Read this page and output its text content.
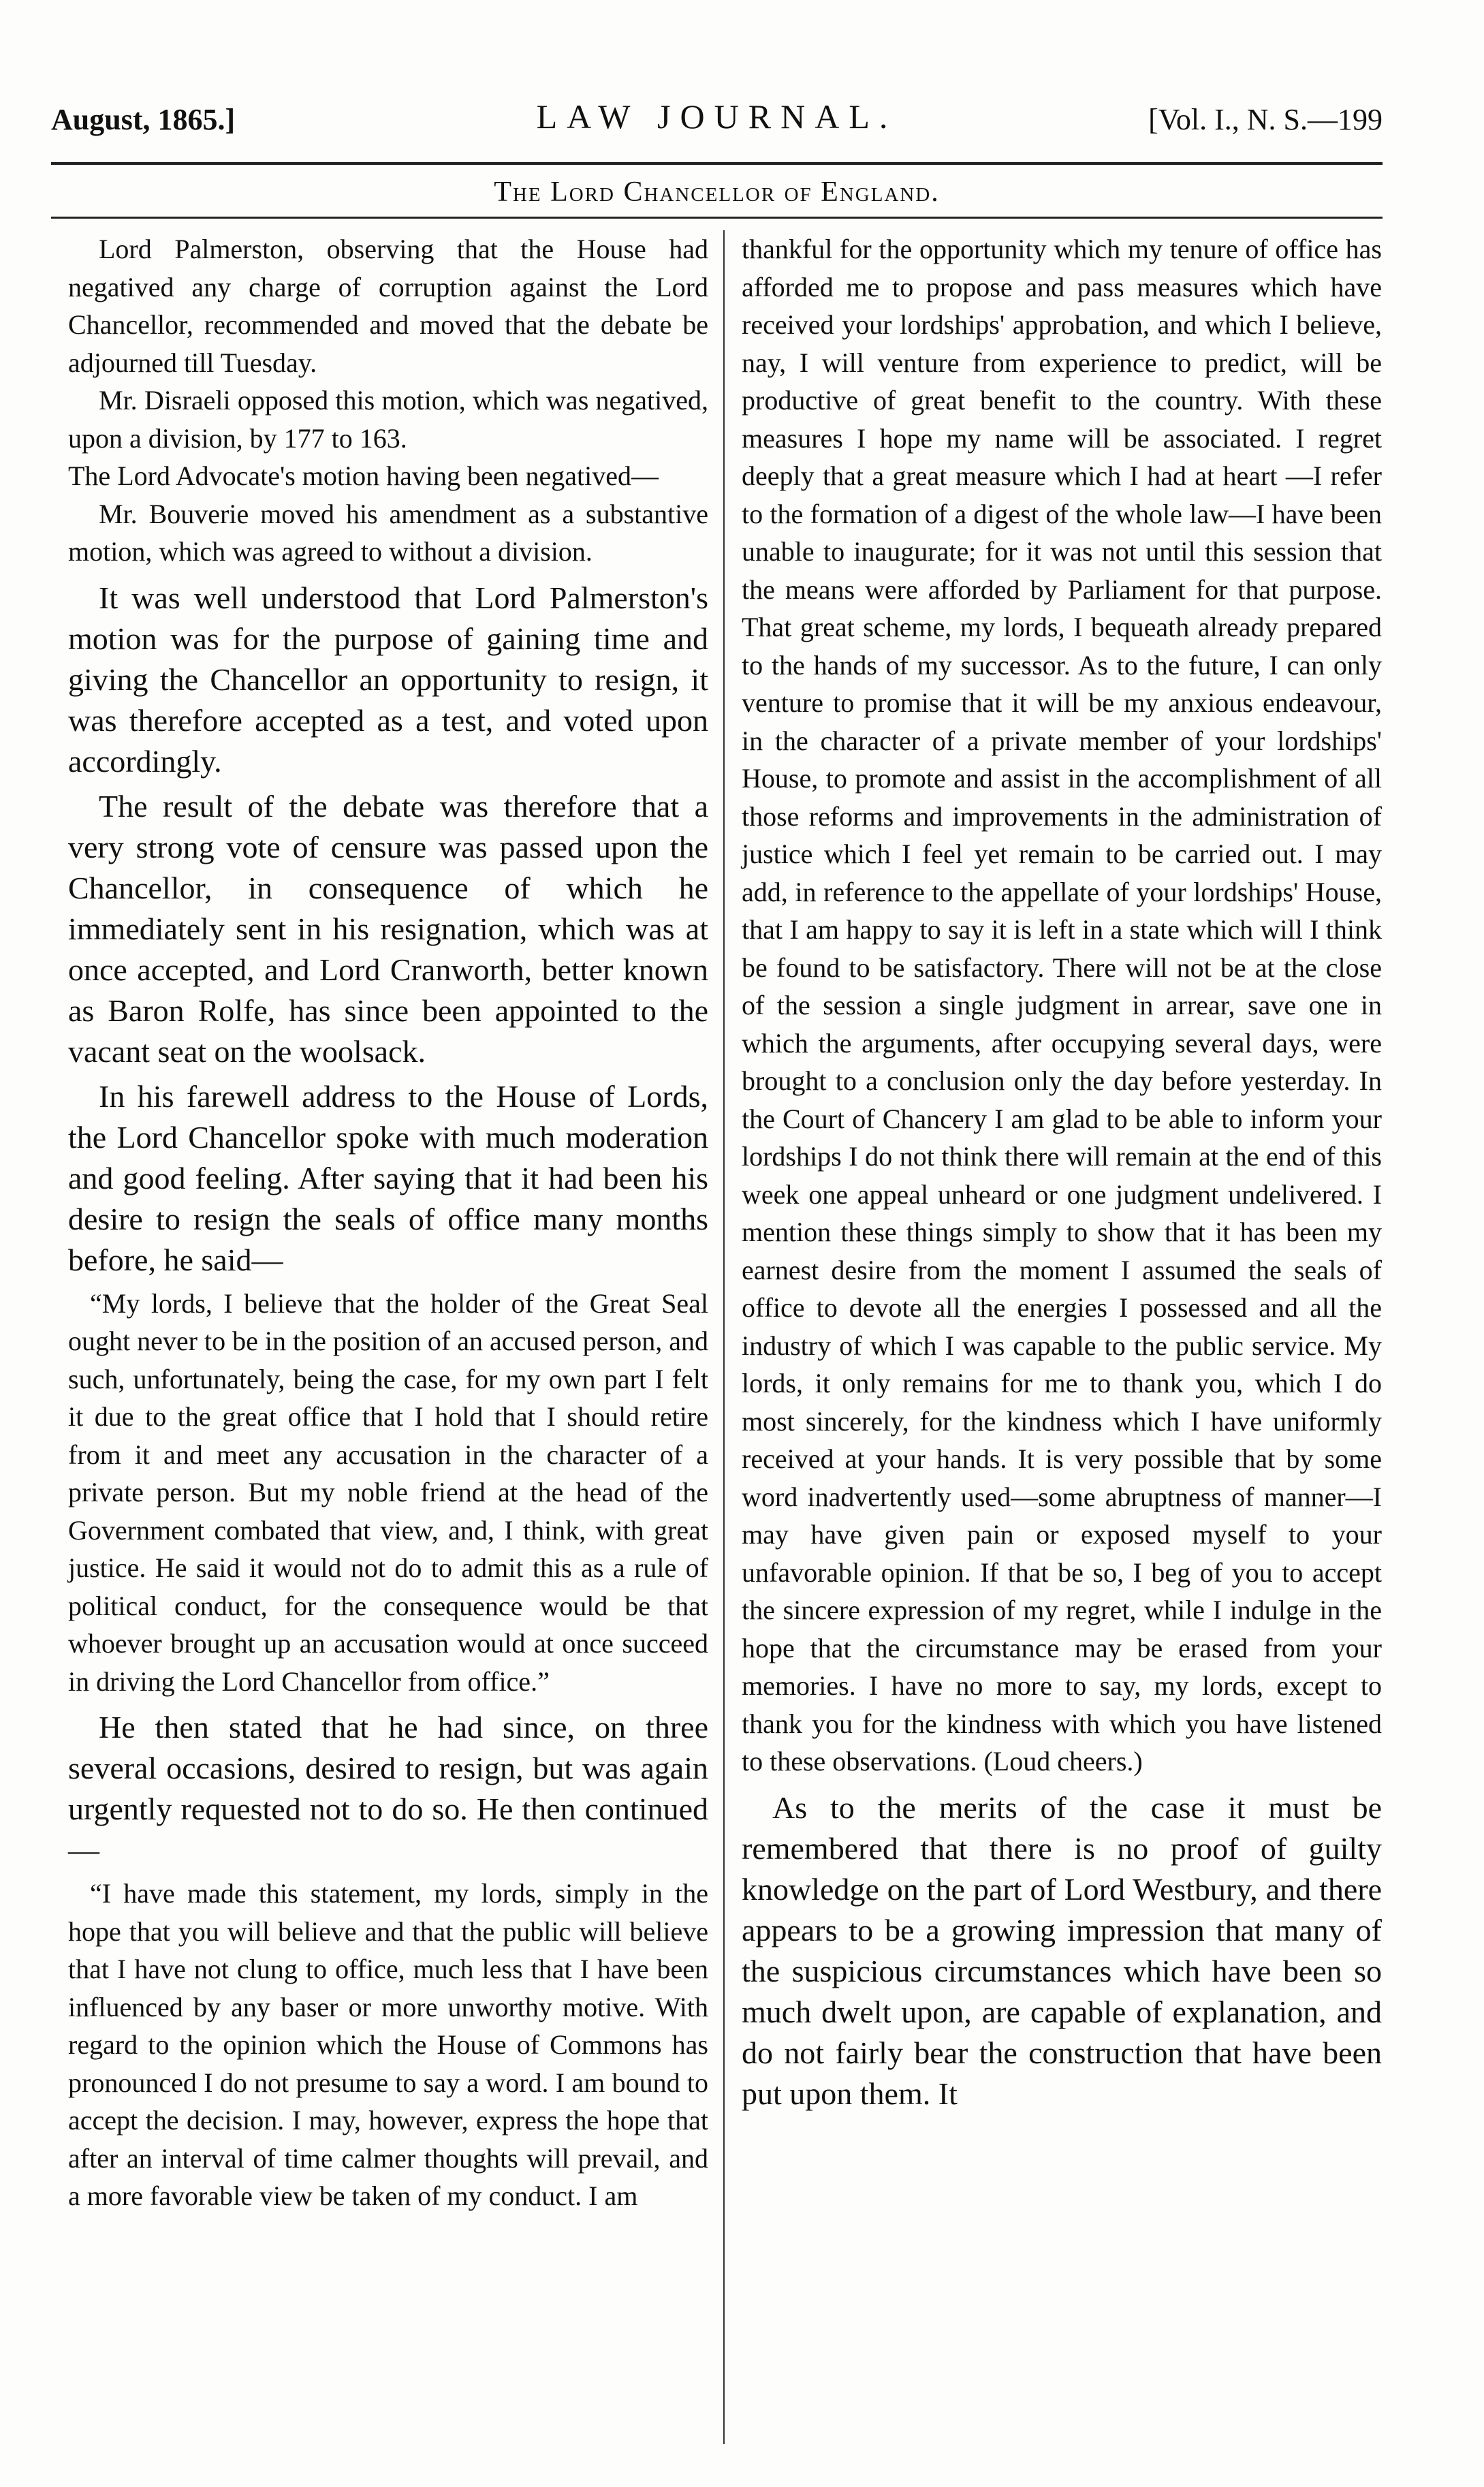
August, 1865.]	LAW JOURNAL.	[Vol. I., N. S.—199
The Lord Chancellor of England.

Lord Palmerston, observing that the House had negatived any charge of corruption against the Lord Chancellor, recommended and moved that the debate be adjourned till Tuesday.

Mr. Disraeli opposed this motion, which was negatived, upon a division, by 177 to 163.

The Lord Advocate's motion having been negatived—

Mr. Bouverie moved his amendment as a substantive motion, which was agreed to without a division.

It was well understood that Lord Palmerston's motion was for the purpose of gaining time and giving the Chancellor an opportunity to resign, it was therefore accepted as a test, and voted upon accordingly.

The result of the debate was therefore that a very strong vote of censure was passed upon the Chancellor, in consequence of which he immediately sent in his resignation, which was at once accepted, and Lord Cranworth, better known as Baron Rolfe, has since been appointed to the vacant seat on the woolsack.

In his farewell address to the House of Lords, the Lord Chancellor spoke with much moderation and good feeling. After saying that it had been his desire to resign the seals of office many months before, he said—

“My lords, I believe that the holder of the Great Seal ought never to be in the position of an accused person, and such, unfortunately, being the case, for my own part I felt it due to the great office that I hold that I should retire from it and meet any accusation in the character of a private person. But my noble friend at the head of the Government combated that view, and, I think, with great justice. He said it would not do to admit this as a rule of political conduct, for the consequence would be that whoever brought up an accusation would at once succeed in driving the Lord Chancellor from office.”

He then stated that he had since, on three several occasions, desired to resign, but was again urgently requested not to do so. He then continued—

“I have made this statement, my lords, simply in the hope that you will believe and that the public will believe that I have not clung to office, much less that I have been influenced by any baser or more unworthy motive. With regard to the opinion which the House of Commons has pronounced I do not presume to say a word. I am bound to accept the decision. I may, however, express the hope that after an interval of time calmer thoughts will prevail, and a more favorable view be taken of my conduct. I am

thankful for the opportunity which my tenure of office has afforded me to propose and pass measures which have received your lordships' approbation, and which I believe, nay, I will venture from experience to predict, will be productive of great benefit to the country. With these measures I hope my name will be associated. I regret deeply that a great measure which I had at heart —I refer to the formation of a digest of the whole law—I have been unable to inaugurate; for it was not until this session that the means were afforded by Parliament for that purpose. That great scheme, my lords, I bequeath already prepared to the hands of my successor. As to the future, I can only venture to promise that it will be my anxious endeavour, in the character of a private member of your lordships' House, to promote and assist in the accomplishment of all those reforms and improvements in the administration of justice which I feel yet remain to be carried out. I may add, in reference to the appellate of your lordships' House, that I am happy to say it is left in a state which will I think be found to be satisfactory. There will not be at the close of the session a single judgment in arrear, save one in which the arguments, after occupying several days, were brought to a conclusion only the day before yesterday. In the Court of Chancery I am glad to be able to inform your lordships I do not think there will remain at the end of this week one appeal unheard or one judgment undelivered. I mention these things simply to show that it has been my earnest desire from the moment I assumed the seals of office to devote all the energies I possessed and all the industry of which I was capable to the public service. My lords, it only remains for me to thank you, which I do most sincerely, for the kindness which I have uniformly received at your hands. It is very possible that by some word inadvertently used—some abruptness of manner—I may have given pain or exposed myself to your unfavorable opinion. If that be so, I beg of you to accept the sincere expression of my regret, while I indulge in the hope that the circumstance may be erased from your memories. I have no more to say, my lords, except to thank you for the kindness with which you have listened to these observations. (Loud cheers.)

As to the merits of the case it must be remembered that there is no proof of guilty knowledge on the part of Lord Westbury, and there appears to be a growing impression that many of the suspicious circumstances which have been so much dwelt upon, are capable of explanation, and do not fairly bear the construction that have been put upon them. It
